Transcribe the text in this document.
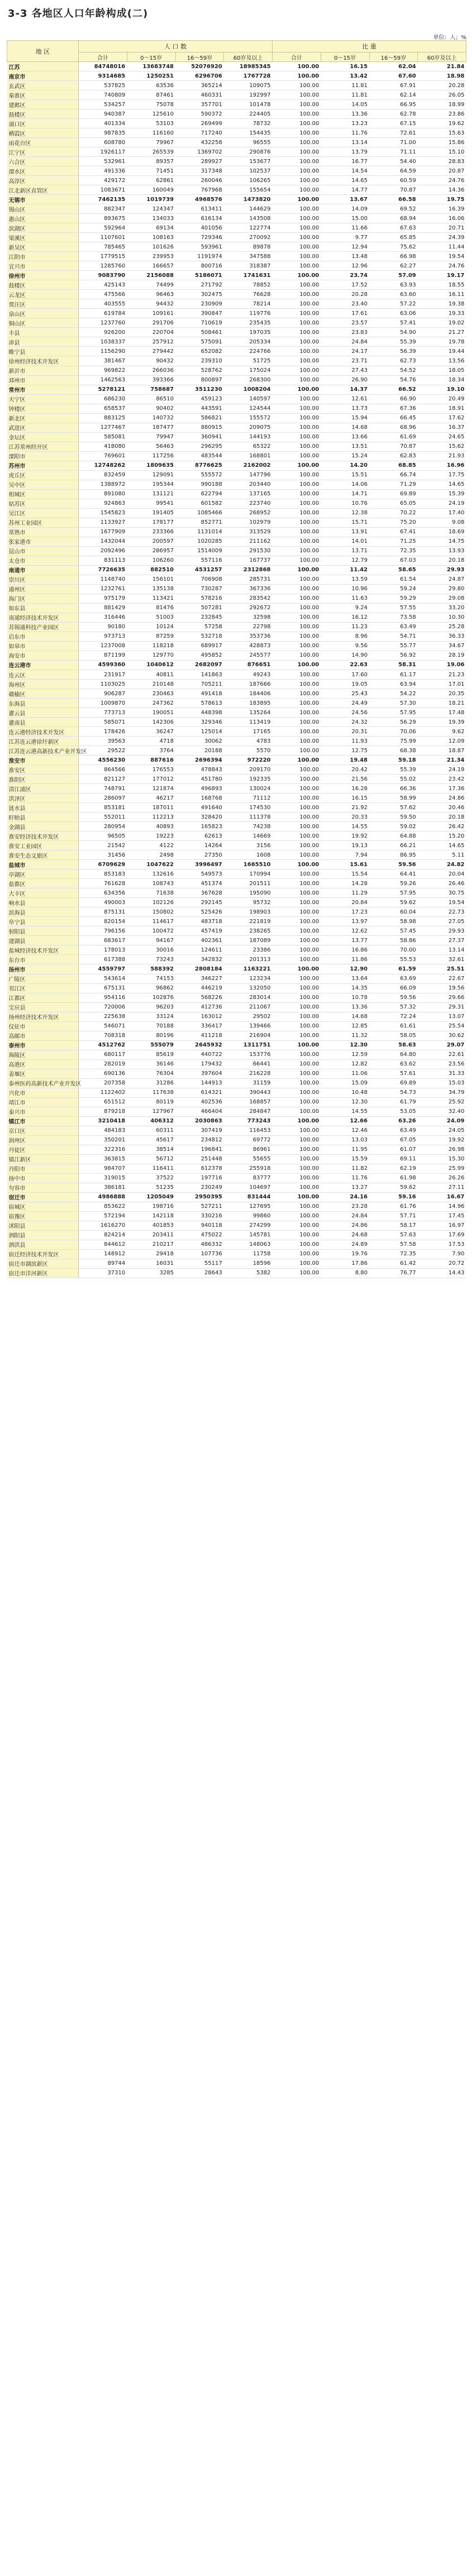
3-3 各地区人口年龄构成(二)
单位：人；%
地 区	人 口 数				比 重			
	合计	0～15岁	16～59岁	60岁及以上	合计	0～15岁	16～59岁	60岁及以上
江苏	84748016	13683748	52076920	18985345	100.00	16.15	62.04	21.84
南京市	9314685	1250251	6296706	1767728	100.00	13.42	67.60	18.98
玄武区	537825	63536	365214	109075	100.00	11.81	67.91	20.28
秦淮区	740809	87461	460331	192997	100.00	11.81	62.14	26.05
建邺区	534257	75078	357701	101478	100.00	14.05	66.95	18.99
鼓楼区	940387	125610	590372	224405	100.00	13.36	62.78	23.86
浦口区	401334	53103	269499	78732	100.00	13.23	67.15	19.62
栖霞区	987835	116160	717240	154435	100.00	11.76	72.61	15.63
雨花台区	608780	79967	432258	96555	100.00	13.14	71.00	15.86
江宁区	1926117	265539	1369702	290876	100.00	13.79	71.11	15.10
六合区	532961	89357	289927	153677	100.00	16.77	54.40	28.83
溧水区	491336	71451	317348	102537	100.00	14.54	64.59	20.87
高淳区	429172	62861	260046	106265	100.00	14.65	60.59	24.76
江北新区直管区	1083671	160049	767968	155654	100.00	14.77	70.87	14.36
无锡市	7462135	1019739	4968576	1473820	100.00	13.67	66.58	19.75
锡山区	882347	124347	613411	144629	100.00	14.09	69.52	16.39
惠山区	893675	134033	616134	143508	100.00	15.00	68.94	16.06
滨湖区	592964	69134	401056	122774	100.00	11.66	67.63	20.71
梁溪区	1107601	108163	729346	270092	100.00	9.77	65.85	24.39
新吴区	785465	101626	593961	89878	100.00	12.94	75.62	11.44
江阴市	1779515	239953	1191974	347588	100.00	13.48	66.98	19.54
宜兴市	1285760	166657	800716	318387	100.00	12.96	62.27	24.76
徐州市	9083790	2156088	5186071	1741631	100.00	23.74	57.09	19.17
鼓楼区	425143	74499	271792	78852	100.00	17.52	63.93	18.55
云龙区	475566	96463	302475	76628	100.00	20.28	63.60	16.11
贾汪区	403555	94432	230909	78214	100.00	23.40	57.22	19.38
泉山区	619784	109161	390847	119776	100.00	17.61	63.06	19.33
铜山区	1237760	291706	710619	235435	100.00	23.57	57.41	19.02
丰县	926200	220704	508461	197035	100.00	23.83	54.90	21.27
沛县	1038337	257912	575091	205334	100.00	24.84	55.39	19.78
睢宁县	1156290	279442	652082	224766	100.00	24.17	56.39	19.44
徐州经济技术开发区	381467	90432	239310	51725	100.00	23.71	62.73	13.56
新沂市	969822	266036	528762	175024	100.00	27.43	54.52	18.05
邳州市	1462563	393366	800897	268300	100.00	26.90	54.76	18.34
常州市	5278121	758687	3511230	1008204	100.00	14.37	66.52	19.10
天宁区	686230	86510	459123	140597	100.00	12.61	66.90	20.49
钟楼区	658537	90402	443591	124544	100.00	13.73	67.36	18.91
新北区	883125	140732	586821	155572	100.00	15.94	66.45	17.62
武进区	1277467	187477	880915	209075	100.00	14.68	68.96	16.37
金坛区	585081	79947	360941	144193	100.00	13.66	61.69	24.65
江苏常州经开区	418080	56463	296295	65322	100.00	13.51	70.87	15.62
溧阳市	769601	117256	483544	168801	100.00	15.24	62.83	21.93
苏州市	12748262	1809635	8776625	2162002	100.00	14.20	68.85	16.96
虎丘区	832459	129091	555572	147796	100.00	15.51	66.74	17.75
吴中区	1388972	195344	990188	203440	100.00	14.06	71.29	14.65
相城区	891080	131121	622794	137165	100.00	14.71	69.89	15.39
姑苏区	924863	99541	601582	223740	100.00	10.76	65.05	24.19
吴江区	1545823	191405	1085466	268952	100.00	12.38	70.22	17.40
苏州工业园区	1133927	178177	852771	102979	100.00	15.71	75.20	9.08
常熟市	1677909	233366	1131014	313529	100.00	13.91	67.41	18.69
张家港市	1432044	200597	1020285	211162	100.00	14.01	71.25	14.75
昆山市	2092496	286957	1514009	291530	100.00	13.71	72.35	13.93
太仓市	831113	106260	557116	167737	100.00	12.79	67.03	20.18
南通市	7726635	882510	4531257	2312868	100.00	11.42	58.65	29.93
崇川区	1148740	156101	706908	285731	100.00	13.59	61.54	24.87
通州区	1232761	135138	730287	367336	100.00	10.96	59.24	29.80
海门区	975179	113421	578216	283542	100.00	11.63	59.29	29.08
如东县	881429	81476	507281	292672	100.00	9.24	57.55	33.20
南通经济技术开发区	316446	51003	232845	32598	100.00	16.12	73.58	10.30
苏锡通科技产业园区	90180	10124	57258	22798	100.00	11.23	63.49	25.28
启东市	973713	87259	532718	353736	100.00	8.96	54.71	36.33
如皋市	1237008	118218	689917	428873	100.00	9.56	55.77	34.67
海安市	871199	129770	495852	245577	100.00	14.90	56.92	28.19
连云港市	4599360	1040612	2682097	876651	100.00	22.63	58.31	19.06
连云区	231917	40811	141863	49243	100.00	17.60	61.17	21.23
海州区	1103025	210148	705211	187666	100.00	19.05	63.94	17.01
赣榆区	906287	230463	491418	184406	100.00	25.43	54.22	20.35
东海县	1009870	247362	578613	183895	100.00	24.49	57.30	18.21
灌云县	773713	190051	448398	135264	100.00	24.56	57.95	17.48
灌南县	585071	142306	329346	113419	100.00	24.32	56.29	19.39
连云港经济技术开发区	178426	36247	125014	17165	100.00	20.31	70.06	9.62
江苏连云港徐圩新区	39563	4718	30062	4783	100.00	11.93	75.99	12.09
江苏连云港高新技术产业开发区	29522	3764	20188	5570	100.00	12.75	68.38	18.87
淮安市	4556230	887616	2696394	972220	100.00	19.48	59.18	21.34
淮安区	864566	176553	478843	209170	100.00	20.42	55.39	24.19
淮阴区	821127	177012	451780	192335	100.00	21.56	55.02	23.42
清江浦区	748791	121874	496893	130024	100.00	16.28	66.36	17.36
洪泽区	286097	46217	168768	71112	100.00	16.15	58.99	24.86
涟水县	853181	187011	491640	174530	100.00	21.92	57.62	20.46
盱眙县	552011	112213	328420	111378	100.00	20.33	59.50	20.18
金湖县	280954	40893	165823	74238	100.00	14.55	59.02	26.42
淮安经济技术开发区	96505	19223	62613	14669	100.00	19.92	64.88	15.20
淮安工业园区	21542	4122	14264	3156	100.00	19.13	66.21	14.65
淮安生态文旅区	31456	2498	27350	1608	100.00	7.94	86.95	5.11
盐城市	6709629	1047622	3996497	1665510	100.00	15.61	59.56	24.82
亭湖区	853183	132616	549573	170994	100.00	15.54	64.41	20.04
盐都区	761628	108743	451374	201511	100.00	14.28	59.26	26.46
大丰区	634356	71638	367628	195090	100.00	11.29	57.95	30.75
响水县	490003	102126	292145	95732	100.00	20.84	59.62	19.54
滨海县	875131	150802	525426	198903	100.00	17.23	60.04	22.73
阜宁县	820154	114617	483718	221819	100.00	13.97	58.98	27.05
射阳县	796156	100472	457419	238265	100.00	12.62	57.45	29.93
建湖县	683617	94167	402361	187089	100.00	13.77	58.86	27.37
盐城经济技术开发区	178013	30016	124611	23386	100.00	16.86	70.00	13.14
东台市	617388	73243	342832	201313	100.00	11.86	55.53	32.61
扬州市	4559797	588392	2808184	1163221	100.00	12.90	61.59	25.51
广陵区	543614	74153	346227	123234	100.00	13.64	63.69	22.67
邗江区	675131	96862	446219	132050	100.00	14.35	66.09	19.56
江都区	954116	102876	568226	283014	100.00	10.78	59.56	29.66
宝应县	720006	96203	412736	211067	100.00	13.36	57.32	29.31
扬州经济技术开发区	225638	33124	163012	29502	100.00	14.68	72.24	13.07
仪征市	546071	70188	336417	139466	100.00	12.85	61.61	25.54
高邮市	708318	80196	411218	216904	100.00	11.32	58.05	30.62
泰州市	4512762	555079	2645932	1311751	100.00	12.30	58.63	29.07
海陵区	680117	85619	440722	153776	100.00	12.59	64.80	22.61
高港区	282019	36146	179432	66441	100.00	12.82	63.62	23.56
姜堰区	690136	76304	397604	216228	100.00	11.06	57.61	31.33
泰州医药高新技术产业开发区	207358	31286	144913	31159	100.00	15.09	69.89	15.03
兴化市	1122402	117638	614321	390443	100.00	10.48	54.73	34.79
靖江市	651512	80119	402536	168857	100.00	12.30	61.79	25.92
泰兴市	879218	127967	466404	284847	100.00	14.55	53.05	32.40
镇江市	3210418	406312	2030863	773243	100.00	12.66	63.26	24.09
京口区	484183	60311	307419	116453	100.00	12.46	63.49	24.05
润州区	350201	45617	234812	69772	100.00	13.03	67.05	19.92
丹徒区	322316	38514	196841	86961	100.00	11.95	61.07	26.98
镇江新区	363815	56712	251448	55655	100.00	15.59	69.11	15.30
丹阳市	984707	116411	612378	255918	100.00	11.82	62.19	25.99
扬中市	319015	37522	197716	83777	100.00	11.76	61.98	26.26
句容市	386181	51235	230249	104697	100.00	13.27	59.62	27.11
宿迁市	4986888	1205049	2950395	831444	100.00	24.16	59.16	16.67
宿城区	853622	198716	527211	127695	100.00	23.28	61.76	14.96
宿豫区	572194	142118	330216	99860	100.00	24.84	57.71	17.45
沭阳县	1616270	401853	940118	274299	100.00	24.86	58.17	16.97
泗阳县	824214	203411	475022	145781	100.00	24.68	57.63	17.69
泗洪县	844612	210217	486332	148063	100.00	24.89	57.58	17.53
宿迁经济技术开发区	148912	29418	107736	11758	100.00	19.76	72.35	7.90
宿迁市湖滨新区	89744	16031	55117	18596	100.00	17.86	61.42	20.72
宿迁市洋河新区	37310	3285	28643	5382	100.00	8.80	76.77	14.43
